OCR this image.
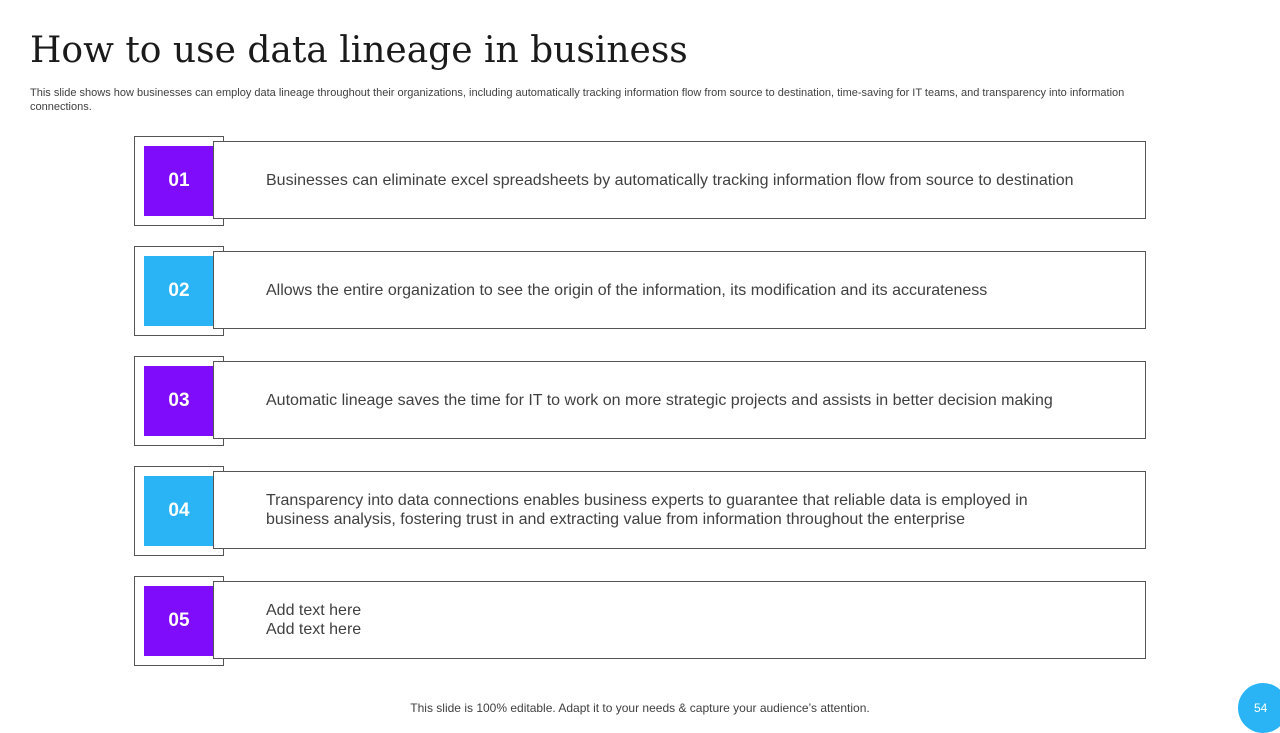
How to use data lineage in business

This slide shows how businesses can employ data lineage throughout their organizations, including automatically tracking information flow from source to destination, time-saving for IT teams, and transparency into information connections.

01	Businesses can eliminate excel spreadsheets by automatically tracking information flow from source to destination
02	Allows the entire organization to see the origin of the information, its modification and its accurateness
03	Automatic lineage saves the time for IT to work on more strategic projects and assists in better decision making
04	Transparency into data connections enables business experts to guarantee that reliable data is employed in business analysis, fostering trust in and extracting value from information throughout the enterprise
05	Add text here
Add text here
This slide is 100% editable. Adapt it to your needs & capture your audience’s attention.	54
